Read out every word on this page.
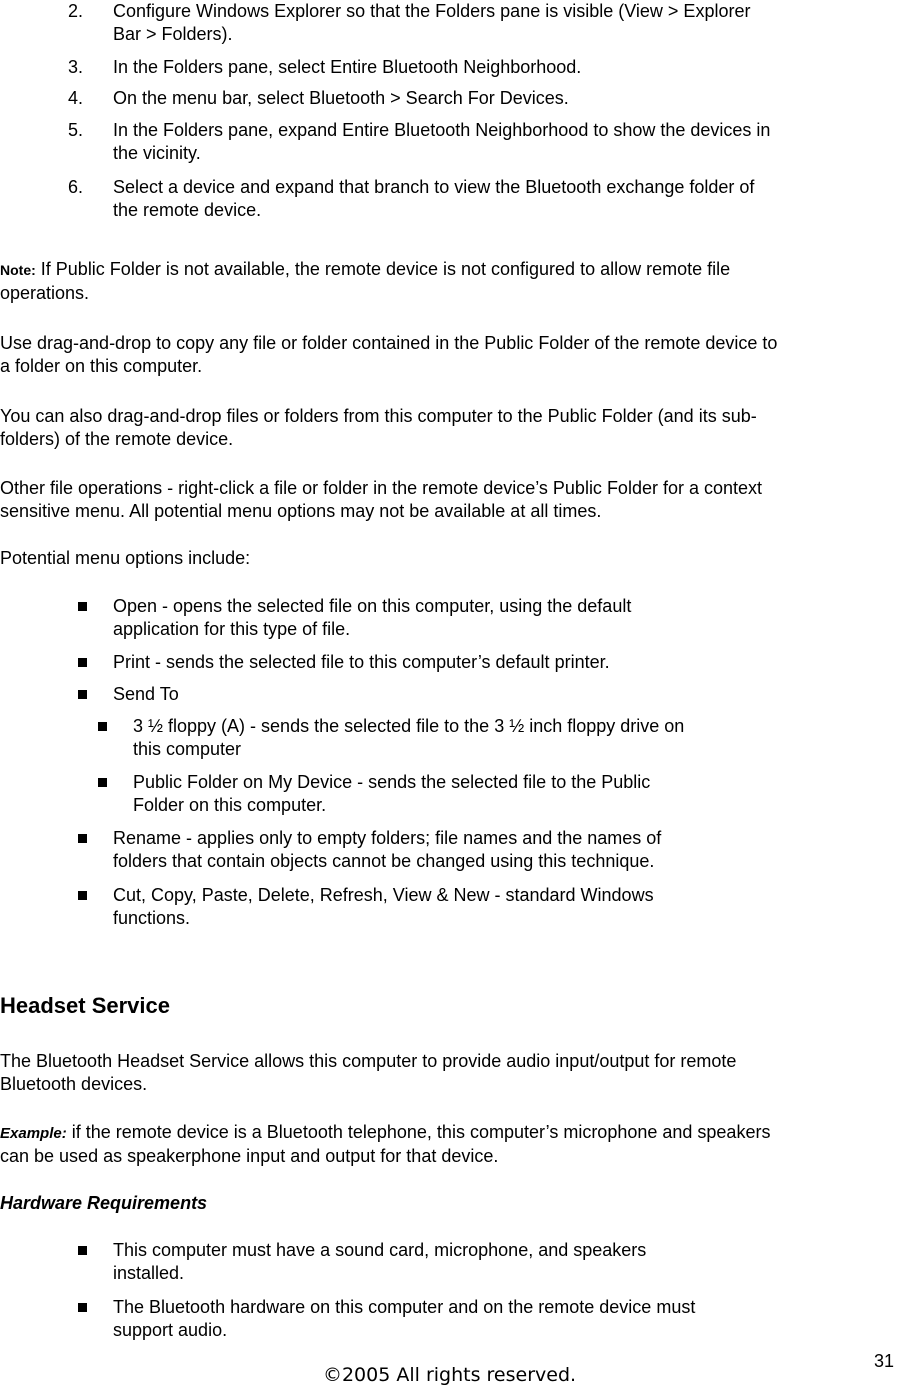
2. Configure Windows Explorer so that the Folders pane is visible (View > Explorer
Bar > Folders).
3. In the Folders pane, select Entire Bluetooth Neighborhood.
4. On the menu bar, select Bluetooth > Search For Devices.
5. In the Folders pane, expand Entire Bluetooth Neighborhood to show the devices in
the vicinity.
6. Select a device and expand that branch to view the Bluetooth exchange folder of
the remote device.
Note: If Public Folder is not available, the remote device is not configured to allow remote file
operations.
Use drag-and-drop to copy any file or folder contained in the Public Folder of the remote device to
a folder on this computer.
You can also drag-and-drop files or folders from this computer to the Public Folder (and its sub-
folders) of the remote device.
Other file operations - right-click a file or folder in the remote device’s Public Folder for a context
sensitive menu. All potential menu options may not be available at all times.
Potential menu options include:
Open - opens the selected file on this computer, using the default
application for this type of file.
Print - sends the selected file to this computer’s default printer.
Send To
3 ½ floppy (A) - sends the selected file to the 3 ½ inch floppy drive on
this computer
Public Folder on My Device - sends the selected file to the Public
Folder on this computer.
Rename - applies only to empty folders; file names and the names of
folders that contain objects cannot be changed using this technique.
Cut, Copy, Paste, Delete, Refresh, View & New - standard Windows
functions.
Headset Service
The Bluetooth Headset Service allows this computer to provide audio input/output for remote
Bluetooth devices.
Example: if the remote device is a Bluetooth telephone, this computer’s microphone and speakers
can be used as speakerphone input and output for that device.
Hardware Requirements
This computer must have a sound card, microphone, and speakers
installed.
The Bluetooth hardware on this computer and on the remote device must
support audio.
31
©2005 All rights reserved.
